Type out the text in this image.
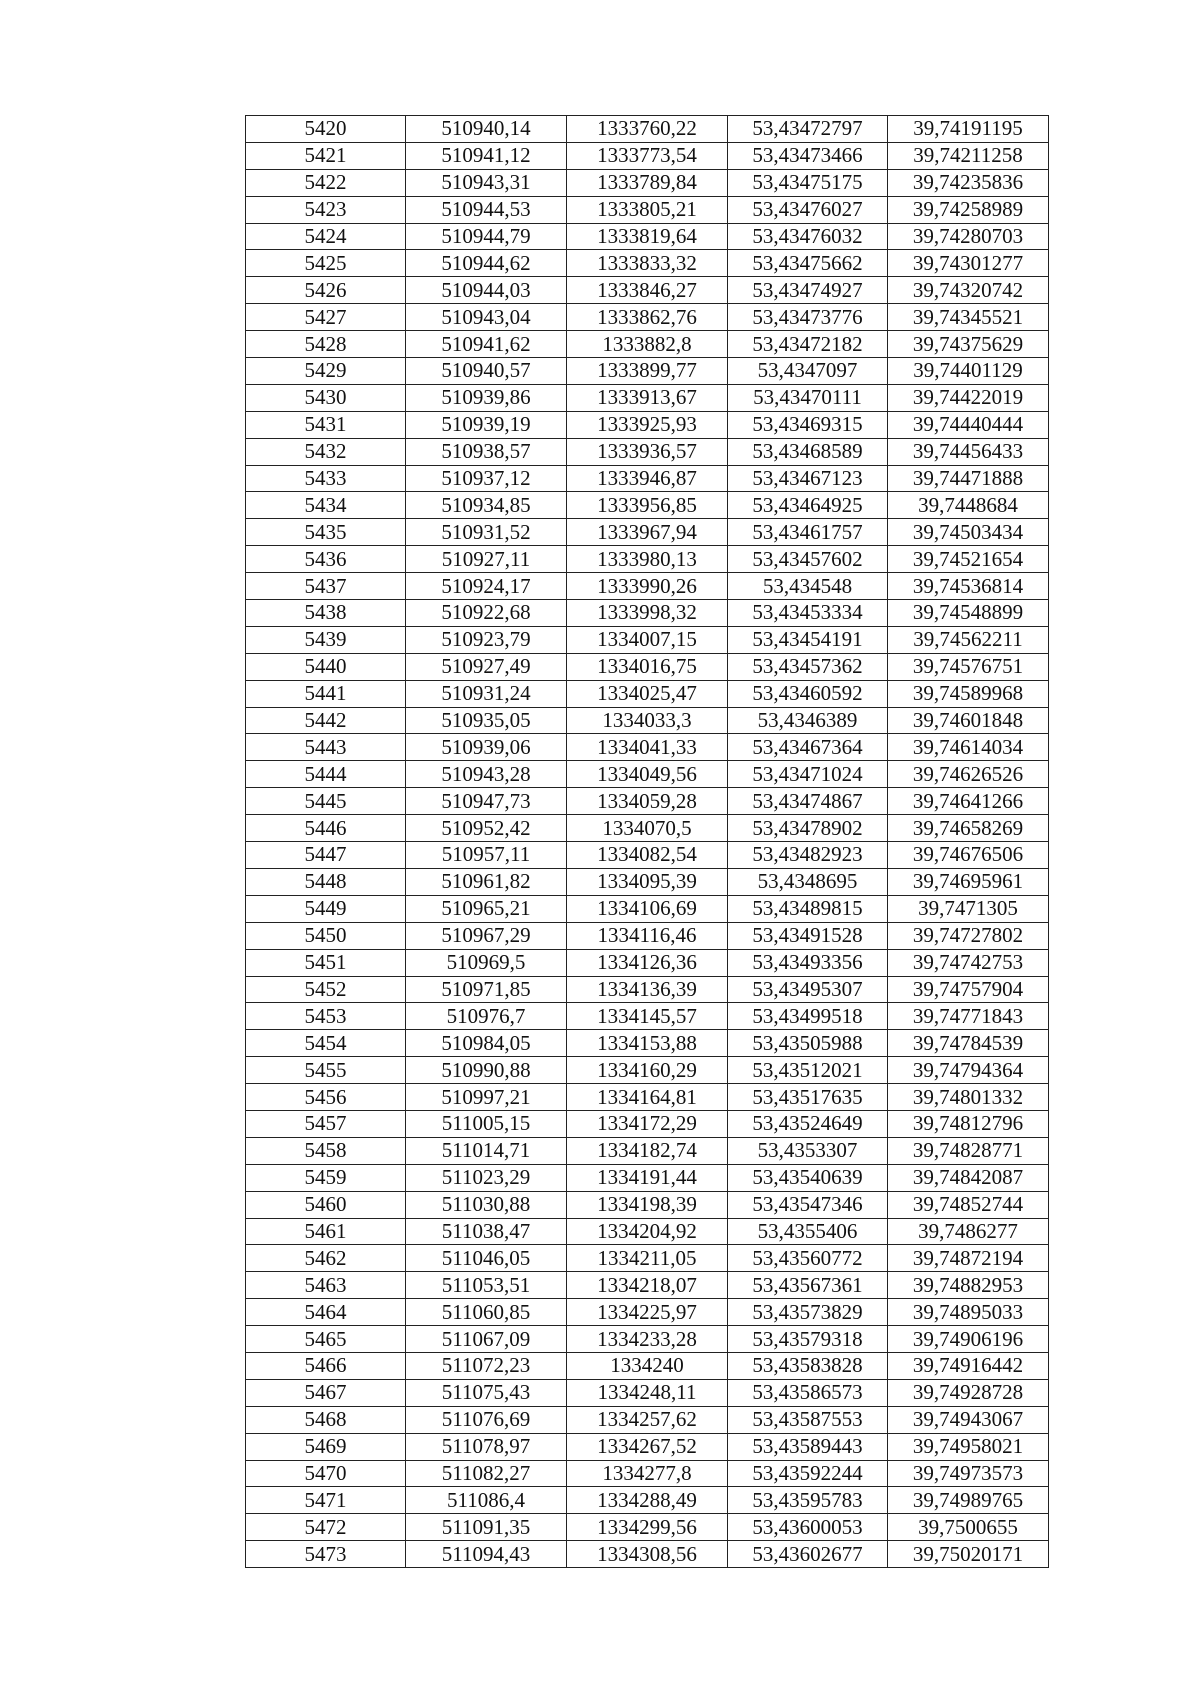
5420	510940,14	1333760,22	53,43472797	39,74191195
5421	510941,12	1333773,54	53,43473466	39,74211258
5422	510943,31	1333789,84	53,43475175	39,74235836
5423	510944,53	1333805,21	53,43476027	39,74258989
5424	510944,79	1333819,64	53,43476032	39,74280703
5425	510944,62	1333833,32	53,43475662	39,74301277
5426	510944,03	1333846,27	53,43474927	39,74320742
5427	510943,04	1333862,76	53,43473776	39,74345521
5428	510941,62	1333882,8	53,43472182	39,74375629
5429	510940,57	1333899,77	53,4347097	39,74401129
5430	510939,86	1333913,67	53,43470111	39,74422019
5431	510939,19	1333925,93	53,43469315	39,74440444
5432	510938,57	1333936,57	53,43468589	39,74456433
5433	510937,12	1333946,87	53,43467123	39,74471888
5434	510934,85	1333956,85	53,43464925	39,7448684
5435	510931,52	1333967,94	53,43461757	39,74503434
5436	510927,11	1333980,13	53,43457602	39,74521654
5437	510924,17	1333990,26	53,434548	39,74536814
5438	510922,68	1333998,32	53,43453334	39,74548899
5439	510923,79	1334007,15	53,43454191	39,74562211
5440	510927,49	1334016,75	53,43457362	39,74576751
5441	510931,24	1334025,47	53,43460592	39,74589968
5442	510935,05	1334033,3	53,4346389	39,74601848
5443	510939,06	1334041,33	53,43467364	39,74614034
5444	510943,28	1334049,56	53,43471024	39,74626526
5445	510947,73	1334059,28	53,43474867	39,74641266
5446	510952,42	1334070,5	53,43478902	39,74658269
5447	510957,11	1334082,54	53,43482923	39,74676506
5448	510961,82	1334095,39	53,4348695	39,74695961
5449	510965,21	1334106,69	53,43489815	39,7471305
5450	510967,29	1334116,46	53,43491528	39,74727802
5451	510969,5	1334126,36	53,43493356	39,74742753
5452	510971,85	1334136,39	53,43495307	39,74757904
5453	510976,7	1334145,57	53,43499518	39,74771843
5454	510984,05	1334153,88	53,43505988	39,74784539
5455	510990,88	1334160,29	53,43512021	39,74794364
5456	510997,21	1334164,81	53,43517635	39,74801332
5457	511005,15	1334172,29	53,43524649	39,74812796
5458	511014,71	1334182,74	53,4353307	39,74828771
5459	511023,29	1334191,44	53,43540639	39,74842087
5460	511030,88	1334198,39	53,43547346	39,74852744
5461	511038,47	1334204,92	53,4355406	39,7486277
5462	511046,05	1334211,05	53,43560772	39,74872194
5463	511053,51	1334218,07	53,43567361	39,74882953
5464	511060,85	1334225,97	53,43573829	39,74895033
5465	511067,09	1334233,28	53,43579318	39,74906196
5466	511072,23	1334240	53,43583828	39,74916442
5467	511075,43	1334248,11	53,43586573	39,74928728
5468	511076,69	1334257,62	53,43587553	39,74943067
5469	511078,97	1334267,52	53,43589443	39,74958021
5470	511082,27	1334277,8	53,43592244	39,74973573
5471	511086,4	1334288,49	53,43595783	39,74989765
5472	511091,35	1334299,56	53,43600053	39,7500655
5473	511094,43	1334308,56	53,43602677	39,75020171
